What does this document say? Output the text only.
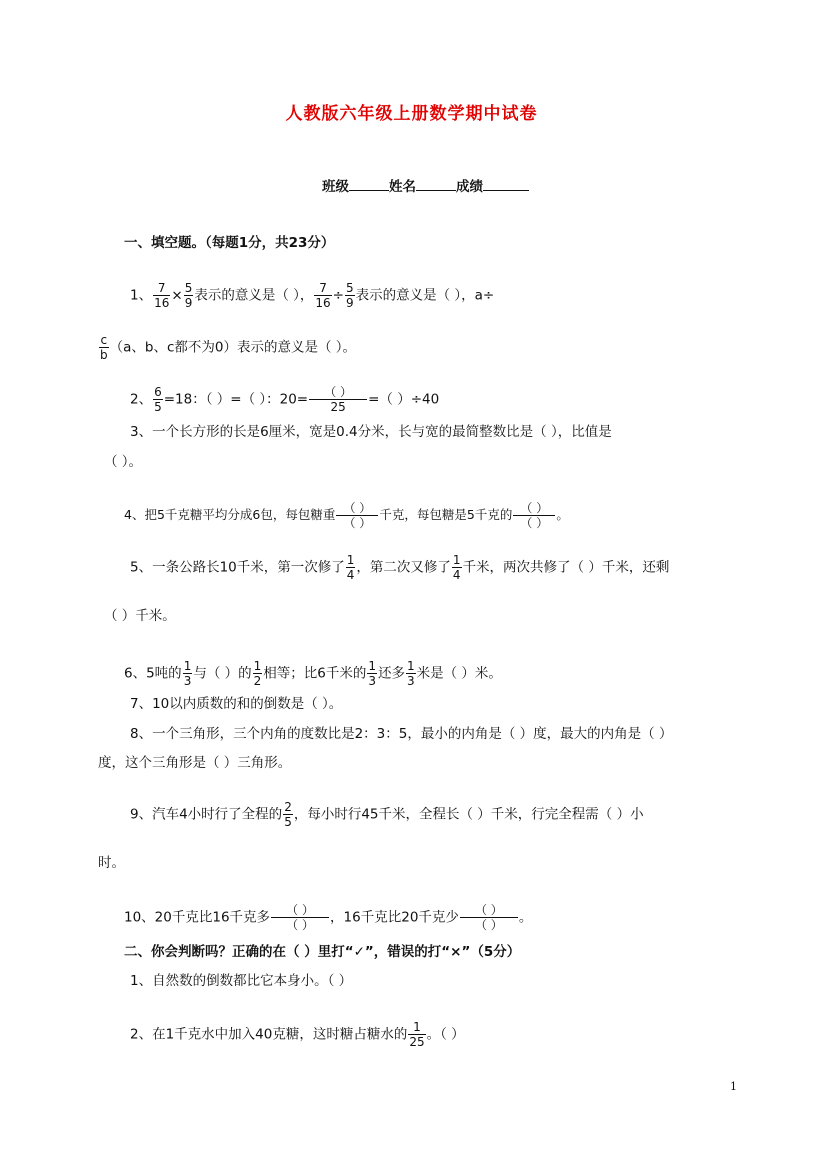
人教版六年级上册数学期中试卷
班级	姓名	成绩
一、填空题。（每题1分，共23分）
1、 $\frac{7}{16} \times \frac{5}{9}$ 表示的意义是（ ）， $\frac{7}{16} \div \frac{5}{9}$ 表示的意义是（ ），a÷
$\frac{c}{b} (a$、b、c都不为0）表示的意义是（ ）。
2、 $\frac{6}{5} =18$：（ ）=（ ）：$20= \frac{( )}{25}$ =（ ）÷40
3、一个长方形的长是6厘米，宽是0.4分米，长与宽的最简整数比是（ ），比值是
（ ）。
4、把5千克糖平均分成6包，每包糖重 $\frac{( )}{( )}$ 千克，每包糖是5千克的 $\frac{( )}{( )}$ 。
5、一条公路长10千米，第一次修了 $\frac{1}{4}$ ，第二次又修了 $\frac{1}{4}$ 千米，两次共修了（ ）千米，还剩
（ ）千米。
6、5吨的 $\frac{1}{3}$ 与（ ）的 $\frac{1}{2}$ 相等；比6千米的 $\frac{1}{3}$ 还多 $\frac{1}{3}$ 米是（ ）米。
7、10以内质数的和的倒数是（ ）。
8、一个三角形，三个内角的度数比是2：3：5，最小的内角是（ ）度，最大的内角是（ ）
度，这个三角形是（ ）三角形。
9、汽车4小时行了全程的 $\frac{2}{5}$ ，每小时行45千米，全程长（ ）千米，行完全程需（ ）小
时。
10、20千克比16千克多 $\frac{( )}{( )}$ ，16千克比20千克少 $\frac{( )}{( )}$ 。
二、你会判断吗？正确的在（ ）里打“✓”，错误的打“×”（5分）
1、自然数的倒数都比它本身小。（ ）
2、在1千克水中加入40克糖，这时糖占糖水的 $\frac{1}{25}$ 。（ ）
1
